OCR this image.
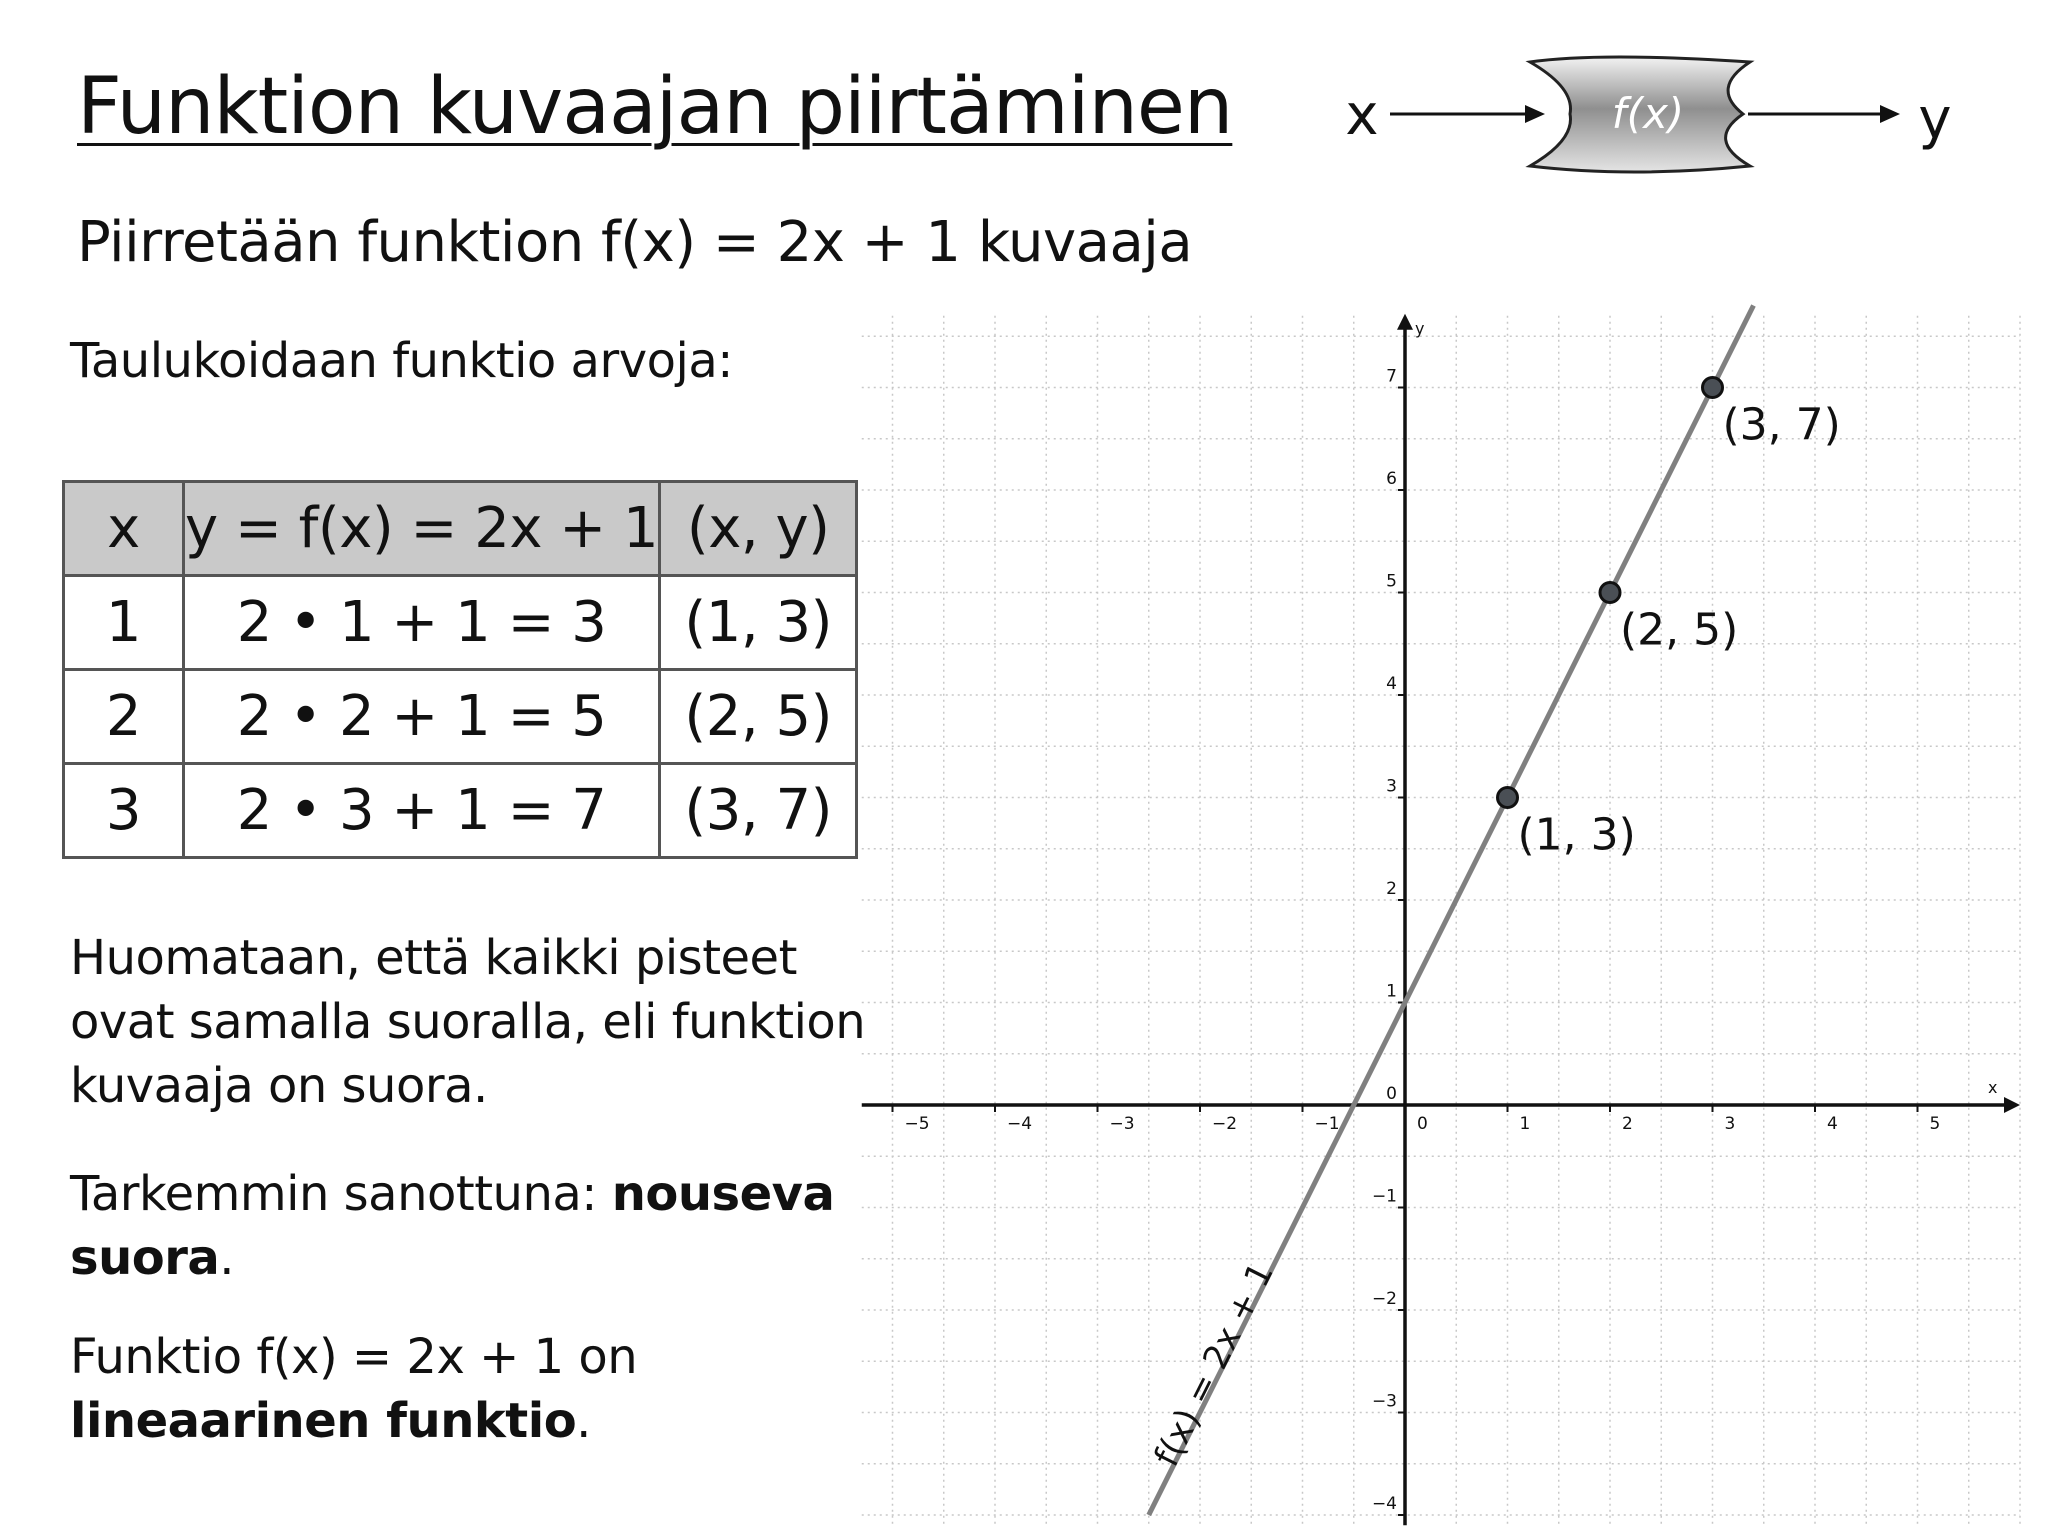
Funktion kuvaajan piirtäminen x	f(x)	y
Piirretään funktion f(x) = 2x + 1 kuvaaja
Taulukoidaan funktio arvoja:
x	y = f(x) = 2x + 1	(x, y)
1	2 • 1 + 1 = 3	(1, 3)
2	2 • 2 + 1 = 5	(2, 5)
3	2 • 3 + 1 = 7	(3, 7)
Huomataan, että kaikki pisteet
ovat samalla suoralla, eli funktion
kuvaaja on suora.
Tarkemmin sanottuna: nouseva
suora.
Funktio f(x) = 2x + 1 on
lineaarinen funktio.
x
y
−5	−4	−3	−2	−1	0	1	2	3	4	5
−4
−3
−2
−1
0
1
2
3
4
5
6
7
f(x) = 2x + 1
(1, 3)
(2, 5)
(3, 7)
